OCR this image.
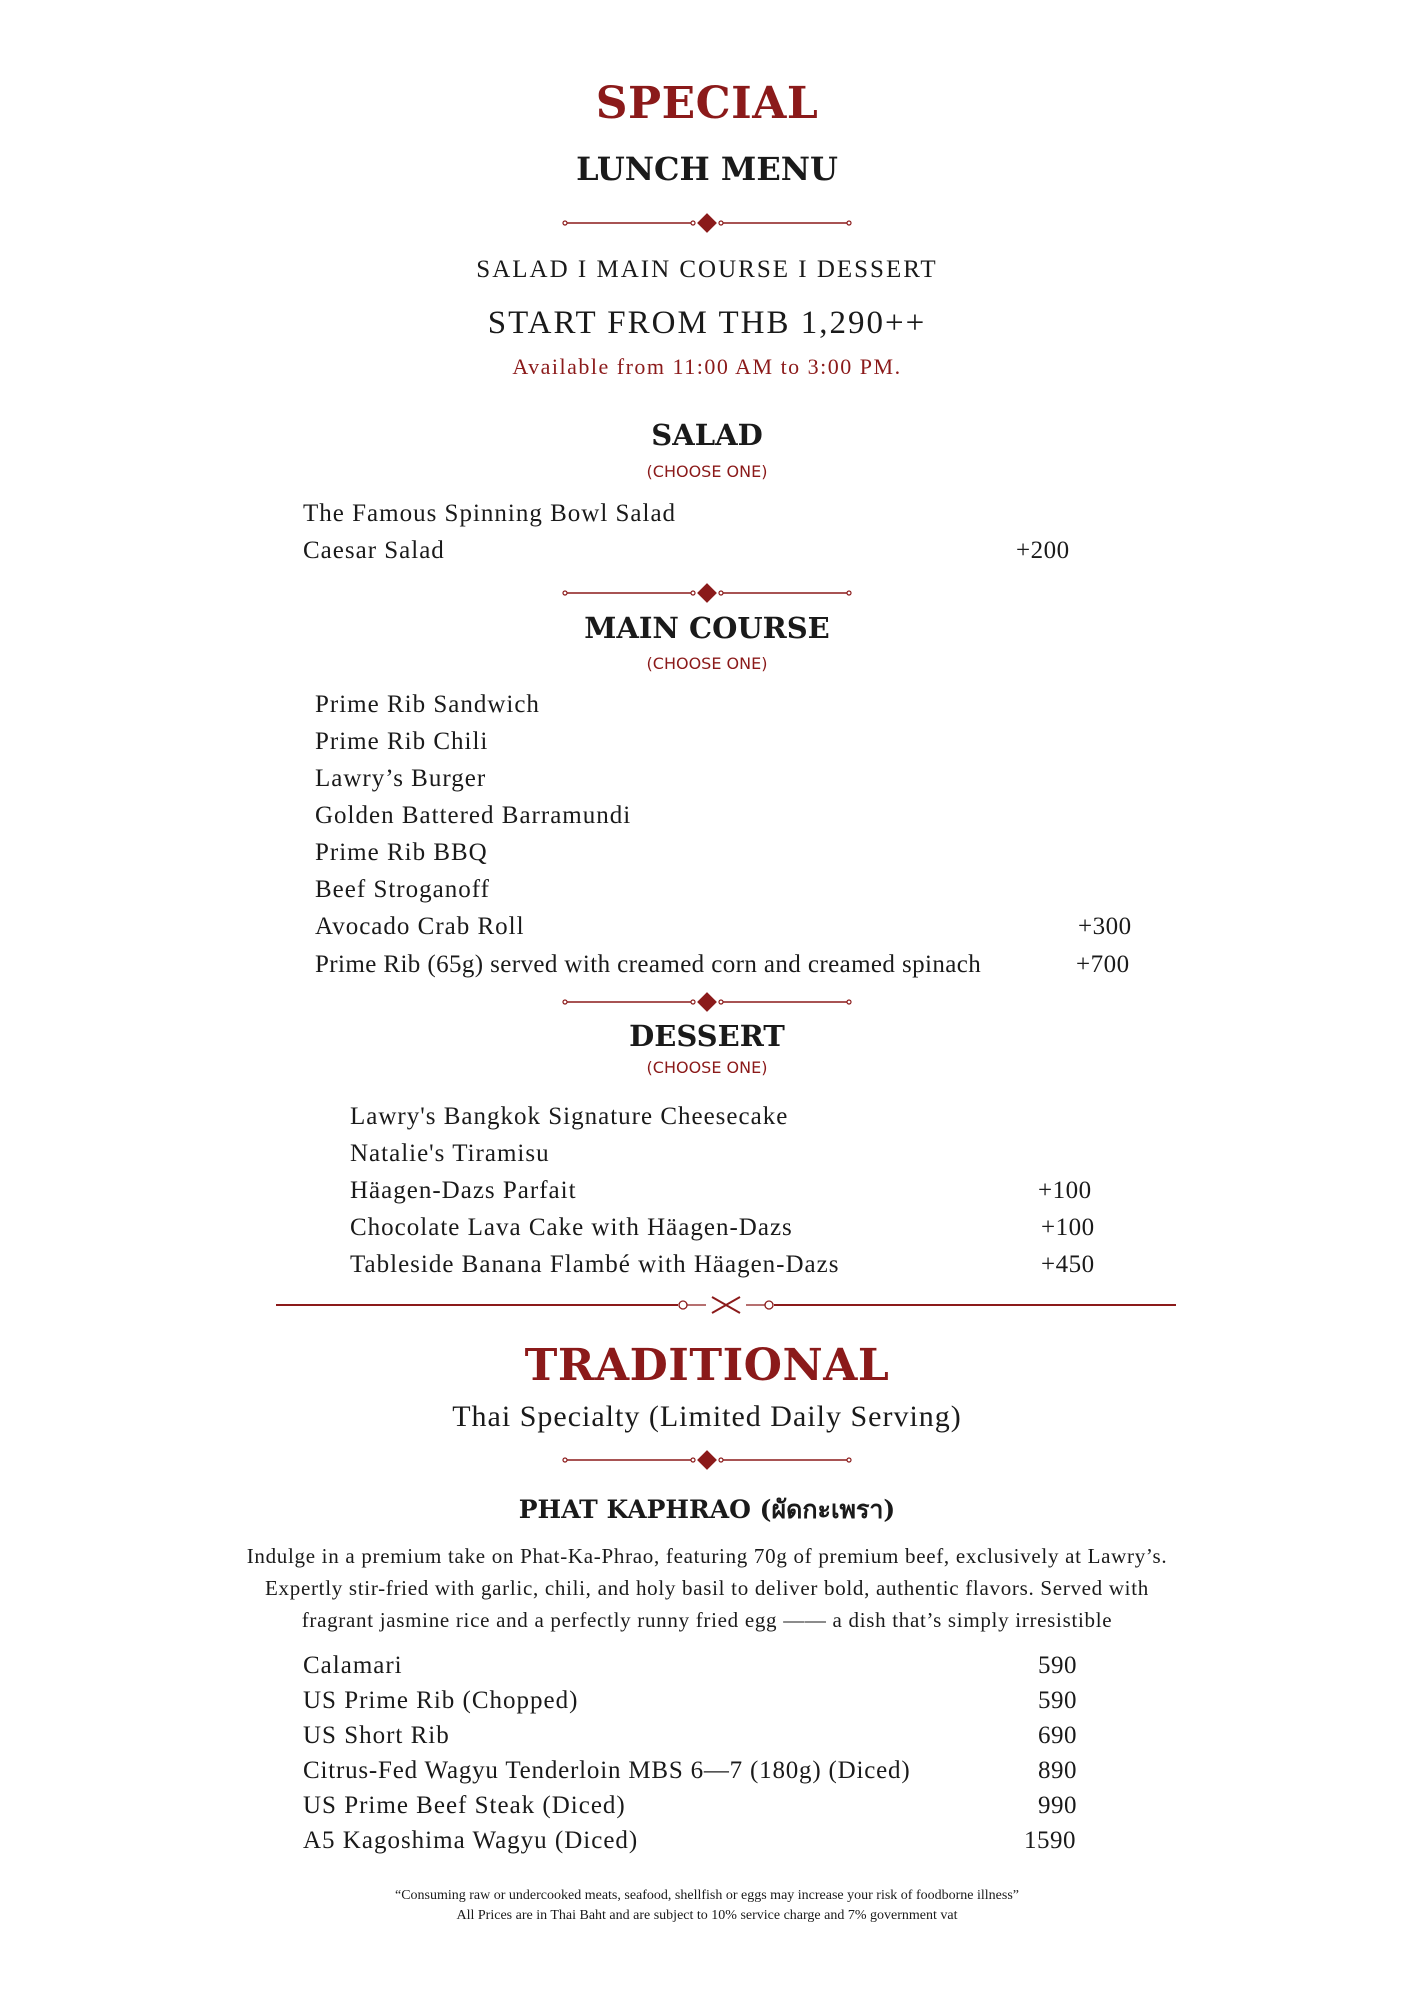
SPECIAL
LUNCH MENU
SALAD I MAIN COURSE I DESSERT
START FROM THB 1,290++
Available from 11:00 AM to 3:00 PM.
SALAD
(CHOOSE ONE)
The Famous Spinning Bowl Salad
Caesar Salad	+200
MAIN COURSE
(CHOOSE ONE)
Prime Rib Sandwich
Prime Rib Chili
Lawry’s Burger
Golden Battered Barramundi
Prime Rib BBQ
Beef Stroganoff
Avocado Crab Roll	+300
Prime Rib (65g) served with creamed corn and creamed spinach	+700
DESSERT
(CHOOSE ONE)
Lawry's Bangkok Signature Cheesecake
Natalie's Tiramisu
Häagen-Dazs Parfait	+100
Chocolate Lava Cake with Häagen-Dazs	+100
Tableside Banana Flambé with Häagen-Dazs	+450
TRADITIONAL
Thai Specialty (Limited Daily Serving)
PHAT KAPHRAO (ผัดกะเพรา)
Indulge in a premium take on Phat-Ka-Phrao, featuring 70g of premium beef, exclusively at Lawry’s.
Expertly stir-fried with garlic, chili, and holy basil to deliver bold, authentic flavors. Served with
fragrant jasmine rice and a perfectly runny fried egg —— a dish that’s simply irresistible
Calamari	590
US Prime Rib (Chopped)	590
US Short Rib	690
Citrus-Fed Wagyu Tenderloin MBS 6—7 (180g) (Diced)	890
US Prime Beef Steak (Diced)	990
A5 Kagoshima Wagyu (Diced)	1590
“Consuming raw or undercooked meats, seafood, shellfish or eggs may increase your risk of foodborne illness”
All Prices are in Thai Baht and are subject to 10% service charge and 7% government vat
